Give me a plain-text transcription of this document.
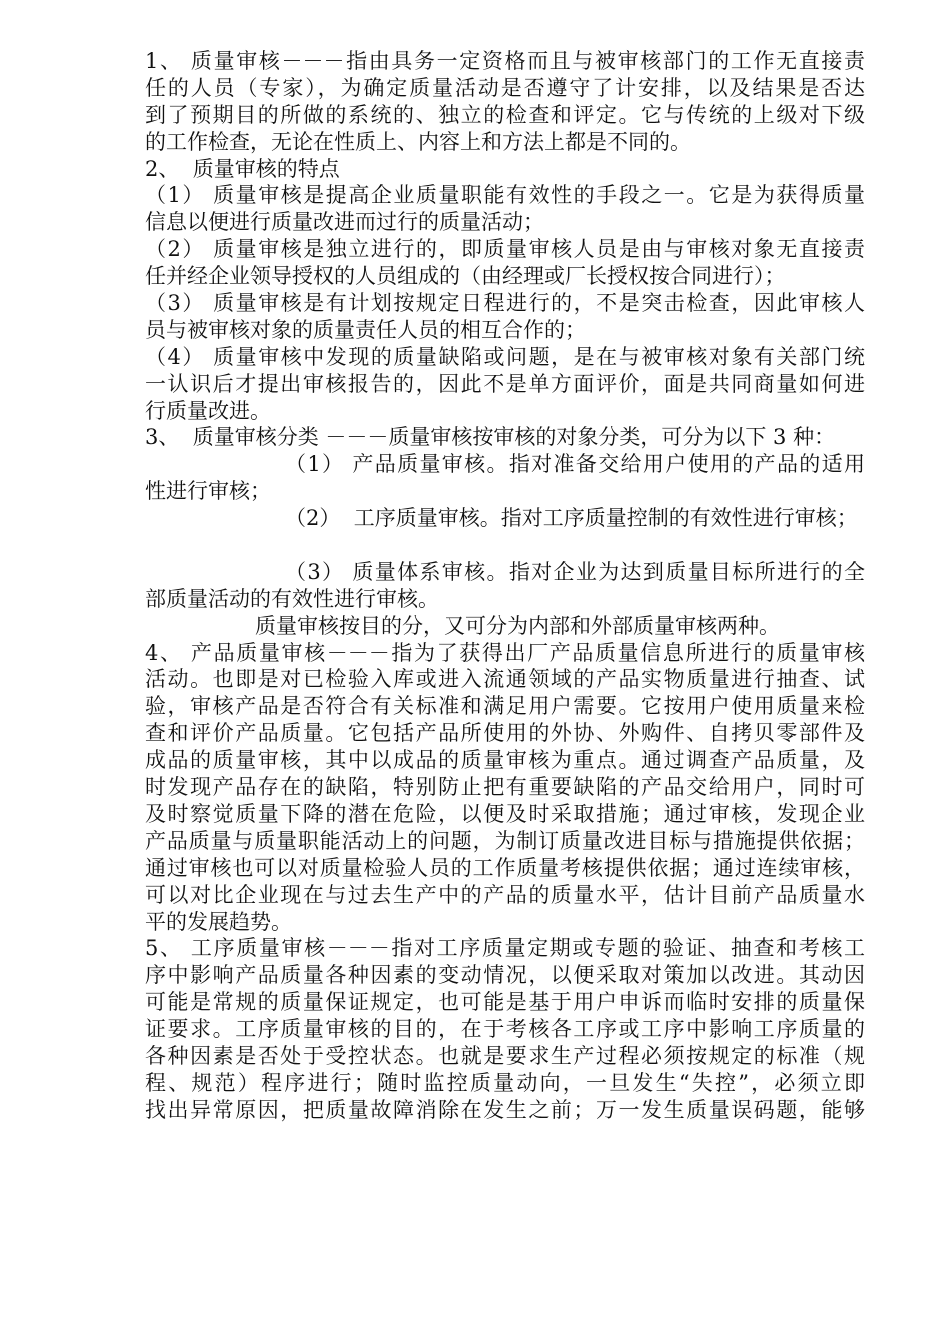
1、 质量审核－－－指由具务一定资格而且与被审核部门的工作无直接责
任的人员（专家），为确定质量活动是否遵守了计安排，以及结果是否达
到了预期目的所做的系统的、独立的检查和评定。它与传统的上级对下级
的工作检查，无论在性质上、内容上和方法上都是不同的。
2、  质量审核的特点
（1） 质量审核是提高企业质量职能有效性的手段之一。它是为获得质量
信息以便进行质量改进而过行的质量活动；
（2） 质量审核是独立进行的，即质量审核人员是由与审核对象无直接责
任并经企业领导授权的人员组成的（由经理或厂长授权按合同进行）；
（3） 质量审核是有计划按规定日程进行的，不是突击检查，因此审核人
员与被审核对象的质量责任人员的相互合作的；
（4） 质量审核中发现的质量缺陷或问题，是在与被审核对象有关部门统
一认识后才提出审核报告的，因此不是单方面评价，面是共同商量如何进
行质量改进。
3、  质量审核分类 －－－质量审核按审核的对象分类，可分为以下 3 种：
（1） 产品质量审核。指对准备交给用户使用的产品的适用
性进行审核；
（2）  工序质量审核。指对工序质量控制的有效性进行审核；
（3） 质量体系审核。指对企业为达到质量目标所进行的全
部质量活动的有效性进行审核。
质量审核按目的分，又可分为内部和外部质量审核两种。
4、 产品质量审核－－－指为了获得出厂产品质量信息所进行的质量审核
活动。也即是对已检验入库或进入流通领域的产品实物质量进行抽查、试
验，审核产品是否符合有关标准和满足用户需要。它按用户使用质量来检
查和评价产品质量。它包括产品所使用的外协、外购件、自拷贝零部件及
成品的质量审核，其中以成品的质量审核为重点。通过调查产品质量，及
时发现产品存在的缺陷，特别防止把有重要缺陷的产品交给用户，同时可
及时察觉质量下降的潜在危险，以便及时采取措施；通过审核，发现企业
产品质量与质量职能活动上的问题，为制订质量改进目标与措施提供依据；
通过审核也可以对质量检验人员的工作质量考核提供依据；通过连续审核，
可以对比企业现在与过去生产中的产品的质量水平，估计目前产品质量水
平的发展趋势。
5、 工序质量审核－－－指对工序质量定期或专题的验证、抽查和考核工
序中影响产品质量各种因素的变动情况，以便采取对策加以改进。其动因
可能是常规的质量保证规定，也可能是基于用户申诉而临时安排的质量保
证要求。工序质量审核的目的，在于考核各工序或工序中影响工序质量的
各种因素是否处于受控状态。也就是要求生产过程必须按规定的标准（规
程、规范）程序进行；随时监控质量动向，一旦发生“失控”，必须立即
找出异常原因，把质量故障消除在发生之前；万一发生质量误码题，能够
